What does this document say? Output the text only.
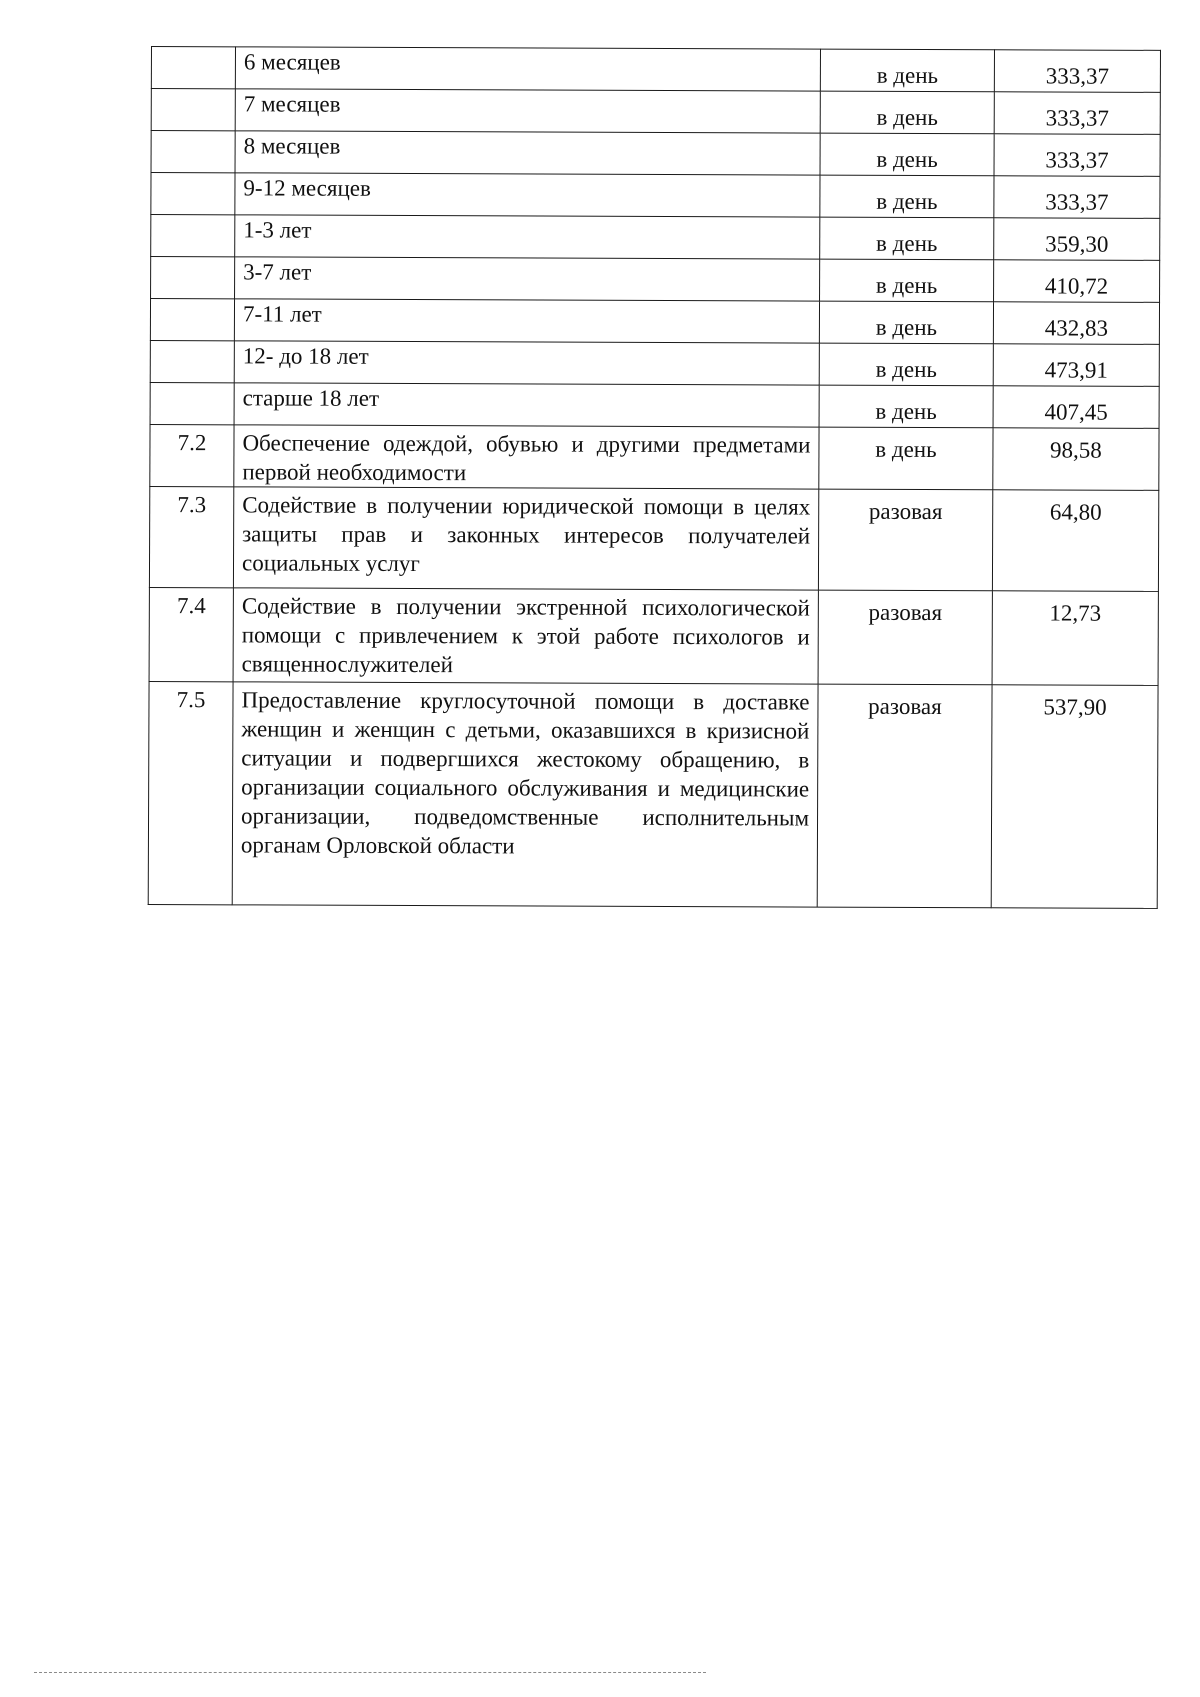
	6 месяцев	в день	333,37
	7 месяцев	в день	333,37
	8 месяцев	в день	333,37
	9-12 месяцев	в день	333,37
	1-3 лет	в день	359,30
	3-7 лет	в день	410,72
	7-11 лет	в день	432,83
	12- до 18 лет	в день	473,91
	старше 18 лет	в день	407,45
7.2	Обеспечение одеждой, обувью и другими предметами первой необходимости	в день	98,58
7.3	Содействие в получении юридической помощи в целях защиты прав и законных интересов получателей социальных услуг	разовая	64,80
7.4	Содействие в получении экстренной психологической помощи с привлечением к этой работе психологов и священнослужителей	разовая	12,73
7.5	Предоставление круглосуточной помощи в доставке женщин и женщин с детьми, оказавшихся в кризисной ситуации и подвергшихся жестокому обращению, в организации социального обслуживания и медицинские организации, подведомственные исполнительным органам Орловской области	разовая	537,90
